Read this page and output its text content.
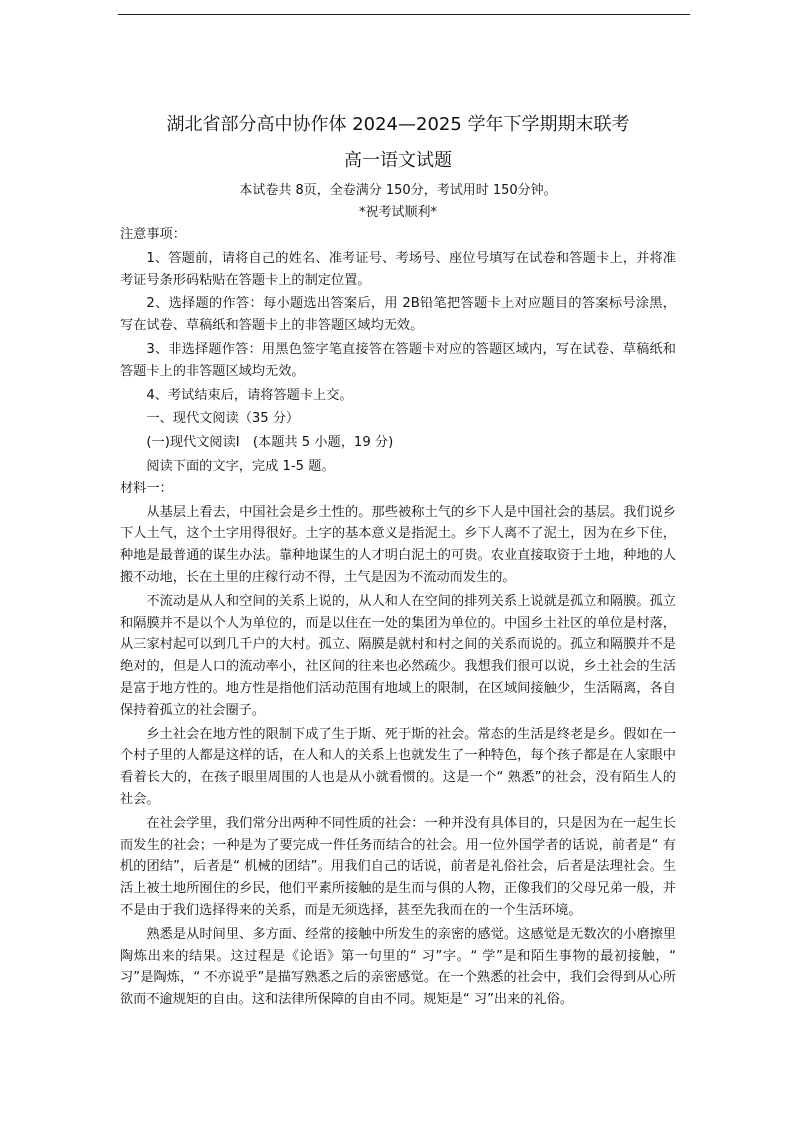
湖北省部分高中协作体 2024—2025 学年下学期期末联考
高一语文试题
本试卷共 8页，全卷满分 150分，考试用时 150分钟。
*祝考试顺利*

注意事项：

1、答题前，请将自己的姓名、准考证号、考场号、座位号填写在试卷和答题卡上，并将准考证号条形码粘贴在答题卡上的制定位置。

2、选择题的作答：每小题选出答案后，用 2B铅笔把答题卡上对应题目的答案标号涂黑，写在试卷、草稿纸和答题卡上的非答题区域均无效。

3、非选择题作答：用黑色签字笔直接答在答题卡对应的答题区域内，写在试卷、草稿纸和答题卡上的非答题区域均无效。

4、考试结束后，请将答题卡上交。

一、现代文阅读（35 分）

(一)现代文阅读Ⅰ　(本题共 5 小题，19 分)

阅读下面的文字，完成 1-5 题。

材料一：

从基层上看去，中国社会是乡土性的。那些被称土气的乡下人是中国社会的基层。我们说乡下人土气，这个土字用得很好。土字的基本意义是指泥土。乡下人离不了泥土，因为在乡下住，种地是最普通的谋生办法。靠种地谋生的人才明白泥土的可贵。农业直接取资于土地，种地的人搬不动地，长在土里的庄稼行动不得，土气是因为不流动而发生的。

不流动是从人和空间的关系上说的，从人和人在空间的排列关系上说就是孤立和隔膜。孤立和隔膜并不是以个人为单位的，而是以住在一处的集团为单位的。中国乡土社区的单位是村落，从三家村起可以到几千户的大村。孤立、隔膜是就村和村之间的关系而说的。孤立和隔膜并不是绝对的，但是人口的流动率小，社区间的往来也必然疏少。我想我们很可以说，乡土社会的生活是富于地方性的。地方性是指他们活动范围有地域上的限制，在区域间接触少，生活隔离，各自保持着孤立的社会圈子。

乡土社会在地方性的限制下成了生于斯、死于斯的社会。常态的生活是终老是乡。假如在一个村子里的人都是这样的话，在人和人的关系上也就发生了一种特色，每个孩子都是在人家眼中看着长大的，在孩子眼里周围的人也是从小就看惯的。这是一个“ 熟悉”的社会，没有陌生人的社会。

在社会学里，我们常分出两种不同性质的社会：一种并没有具体目的，只是因为在一起生长而发生的社会；一种是为了要完成一件任务而结合的社会。用一位外国学者的话说，前者是“ 有机的团结”，后者是“ 机械的团结”。用我们自己的话说，前者是礼俗社会，后者是法理社会。生活上被土地所囿住的乡民，他们平素所接触的是生而与俱的人物，正像我们的父母兄弟一般，并不是由于我们选择得来的关系，而是无须选择，甚至先我而在的一个生活环境。

熟悉是从时间里、多方面、经常的接触中所发生的亲密的感觉。这感觉是无数次的小磨擦里陶炼出来的结果。这过程是《论语》第一句里的“ 习”字。“ 学”是和陌生事物的最初接触，“ 习”是陶炼，“ 不亦说乎”是描写熟悉之后的亲密感觉。在一个熟悉的社会中，我们会得到从心所欲而不逾规矩的自由。这和法律所保障的自由不同。规矩是“ 习”出来的礼俗。
